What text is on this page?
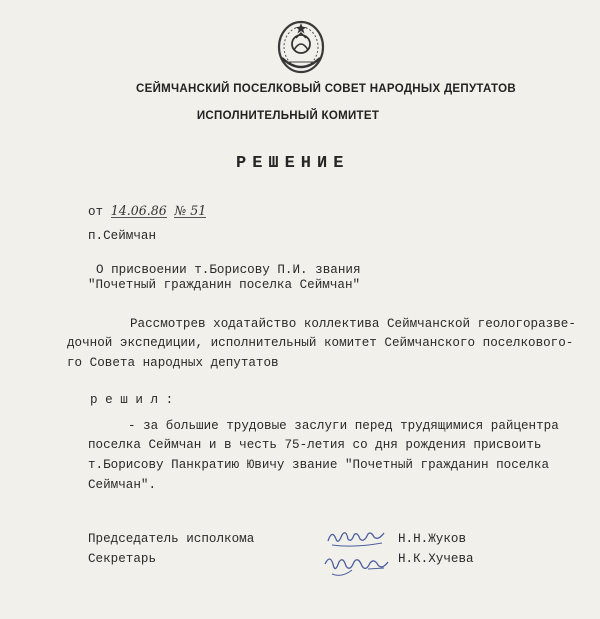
СЕЙМЧАНСКИЙ ПОСЕЛКОВЫЙ СОВЕТ НАРОДНЫХ ДЕПУТАТОВ
ИСПОЛНИТЕЛЬНЫЙ КОМИТЕТ
РЕШЕНИЕ
от 14.06.86 № 51
п.Сеймчан
О присвоении т.Борисову П.И. звания
"Почетный гражданин поселка Сеймчан"
Рассмотрев ходатайство коллектива Сеймчанской геологоразве-
дочной экспедиции, исполнительный комитет Сеймчанского поселкового-
го Совета народных депутатов
р е ш и л :
- за большие трудовые заслуги перед трудящимися райцентра
поселка Сеймчан и в честь 75-летия со дня рождения присвоить
т.Борисову Панкратию Ювичу звание "Почетный гражданин поселка
Сеймчан".
Председатель исполкома
Секретарь
Н.Н.Жуков
Н.К.Хучева
